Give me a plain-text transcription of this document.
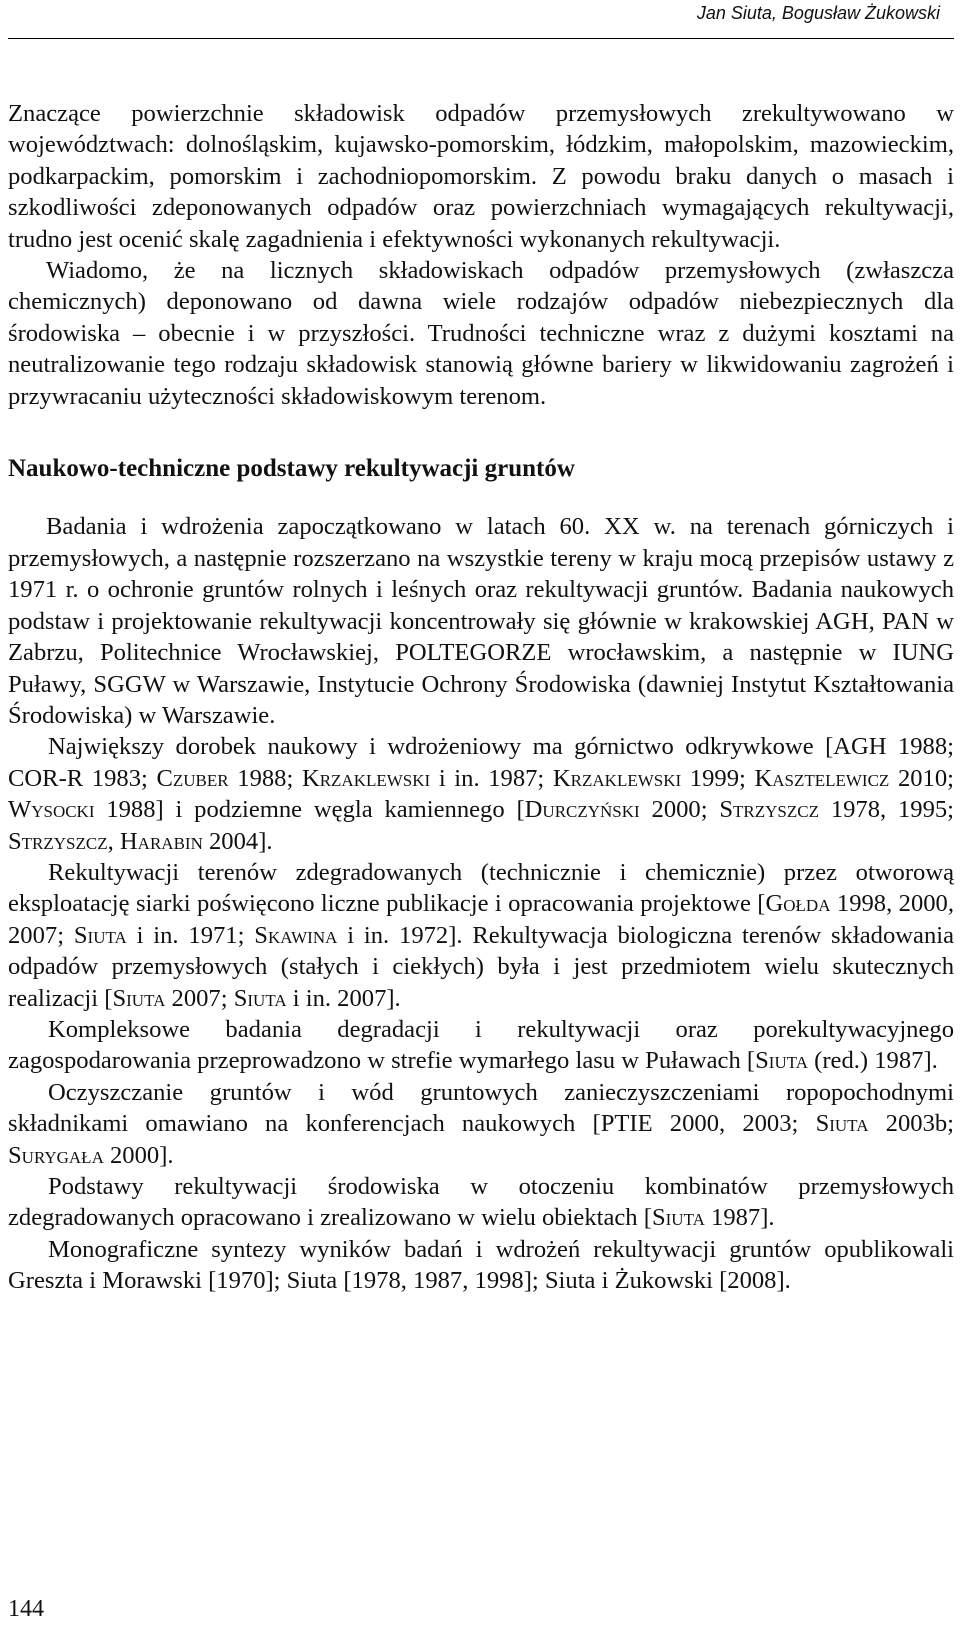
Jan Siuta, Bogusław Żukowski

Znaczące powierzchnie składowisk odpadów przemysłowych zrekultywowano w województwach: dolnośląskim, kujawsko-pomorskim, łódzkim, małopolskim, mazowieckim, podkarpackim, pomorskim i zachodniopomorskim. Z powodu braku danych o masach i szkodliwości zdeponowanych odpadów oraz powierzchniach wymagających rekultywacji, trudno jest ocenić skalę zagadnienia i efektywności wykonanych rekultywacji.

Wiadomo, że na licznych składowiskach odpadów przemysłowych (zwłaszcza chemicznych) deponowano od dawna wiele rodzajów odpadów niebezpiecznych dla środowiska – obecnie i w przyszłości. Trudności techniczne wraz z dużymi kosztami na neutralizowanie tego rodzaju składowisk stanowią główne bariery w likwidowaniu zagrożeń i przywracaniu użyteczności składowiskowym terenom.

Naukowo-techniczne podstawy rekultywacji gruntów

Badania i wdrożenia zapoczątkowano w latach 60. XX w. na terenach górniczych i przemysłowych, a następnie rozszerzano na wszystkie tereny w kraju mocą przepisów ustawy z 1971 r. o ochronie gruntów rolnych i leśnych oraz rekultywacji gruntów. Badania naukowych podstaw i projektowanie rekultywacji koncentrowały się głównie w krakowskiej AGH, PAN w Zabrzu, Politechnice Wrocławskiej, POLTEGORZE wrocławskim, a następnie w IUNG Puławy, SGGW w Warszawie, Instytucie Ochrony Środowiska (dawniej Instytut Kształtowania Środowiska) w Warszawie.

Największy dorobek naukowy i wdrożeniowy ma górnictwo odkrywkowe [AGH 1988; COR-R 1983; Czuber 1988; Krzaklewski i in. 1987; Krzaklewski 1999; Kasztelewicz 2010; Wysocki 1988] i podziemne węgla kamiennego [Durczyński 2000; Strzyszcz 1978, 1995; Strzyszcz, Harabin 2004].

Rekultywacji terenów zdegradowanych (technicznie i chemicznie) przez otworową eksploatację siarki poświęcono liczne publikacje i opracowania projektowe [Gołda 1998, 2000, 2007; Siuta i in. 1971; Skawina i in. 1972]. Rekultywacja biologiczna terenów składowania odpadów przemysłowych (stałych i ciekłych) była i jest przedmiotem wielu skutecznych realizacji [Siuta 2007; Siuta i in. 2007].

Kompleksowe badania degradacji i rekultywacji oraz porekultywacyjnego zagospodarowania przeprowadzono w strefie wymarłego lasu w Puławach [Siuta (red.) 1987].

Oczyszczanie gruntów i wód gruntowych zanieczyszczeniami ropopochodnymi składnikami omawiano na konferencjach naukowych [PTIE 2000, 2003; Siuta 2003b; Surygała 2000].

Podstawy rekultywacji środowiska w otoczeniu kombinatów przemysłowych zdegradowanych opracowano i zrealizowano w wielu obiektach [Siuta 1987].

Monograficzne syntezy wyników badań i wdrożeń rekultywacji gruntów opublikowali Greszta i Morawski [1970]; Siuta [1978, 1987, 1998]; Siuta i Żukowski [2008].

144
